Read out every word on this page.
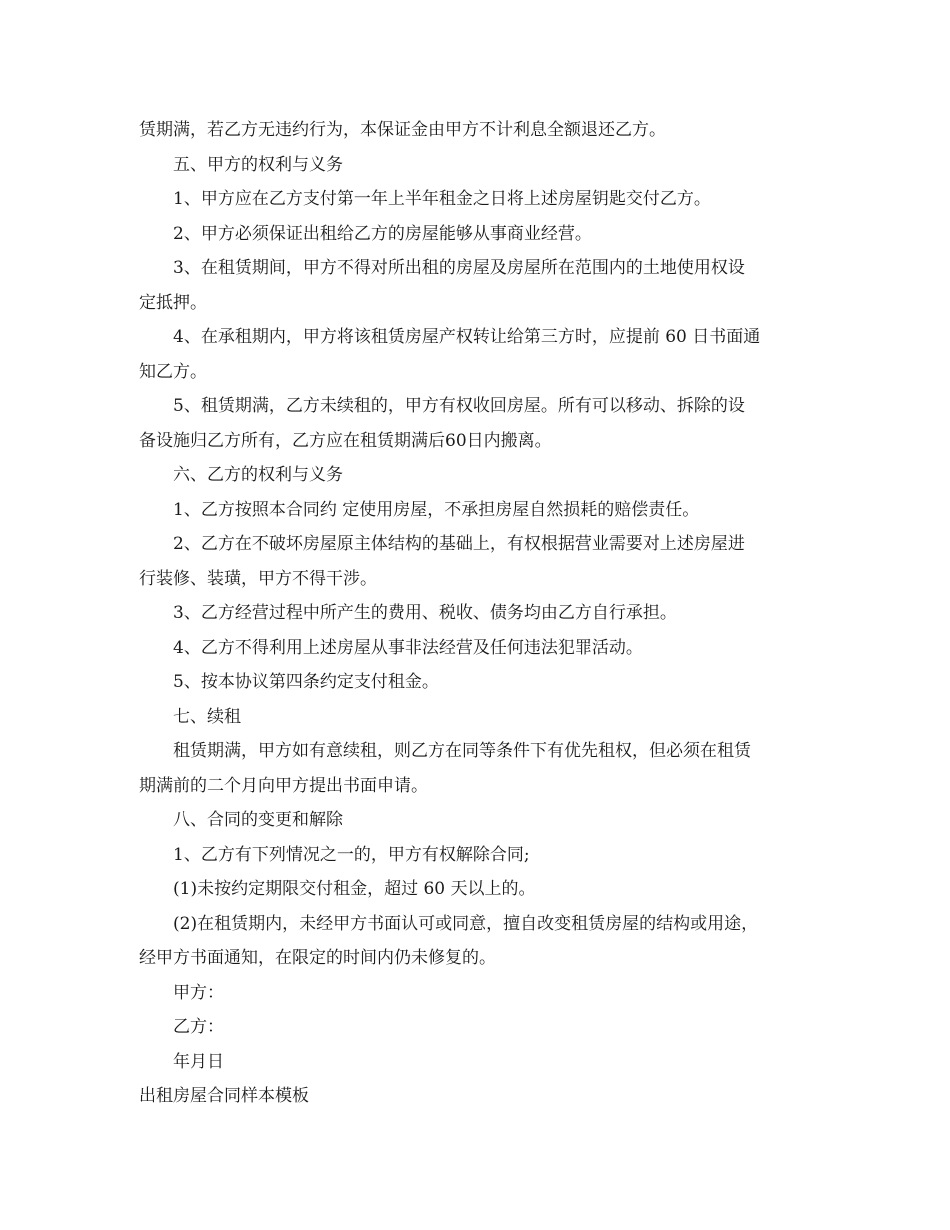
赁期满，若乙方无违约行为，本保证金由甲方不计利息全额退还乙方。
五、甲方的权利与义务
1、甲方应在乙方支付第一年上半年租金之日将上述房屋钥匙交付乙方。
2、甲方必须保证出租给乙方的房屋能够从事商业经营。
3、在租赁期间，甲方不得对所出租的房屋及房屋所在范围内的土地使用权设
定抵押。
4、在承租期内，甲方将该租赁房屋产权转让给第三方时，应提前 60 日书面通
知乙方。
5、租赁期满，乙方未续租的，甲方有权收回房屋。所有可以移动、拆除的设
备设施归乙方所有，乙方应在租赁期满后60日内搬离。
六、乙方的权利与义务
1、乙方按照本合同约 定使用房屋，不承担房屋自然损耗的赔偿责任。
2、乙方在不破坏房屋原主体结构的基础上，有权根据营业需要对上述房屋进
行装修、装璜，甲方不得干涉。
3、乙方经营过程中所产生的费用、税收、债务均由乙方自行承担。
4、乙方不得利用上述房屋从事非法经营及任何违法犯罪活动。
5、按本协议第四条约定支付租金。
七、续租
租赁期满，甲方如有意续租，则乙方在同等条件下有优先租权，但必须在租赁
期满前的二个月向甲方提出书面申请。
八、合同的变更和解除
1、乙方有下列情况之一的，甲方有权解除合同;
(1)未按约定期限交付租金，超过 60 天以上的。
(2)在租赁期内，未经甲方书面认可或同意，擅自改变租赁房屋的结构或用途，
经甲方书面通知，在限定的时间内仍未修复的。
甲方：
乙方：
年月日
出租房屋合同样本模板
